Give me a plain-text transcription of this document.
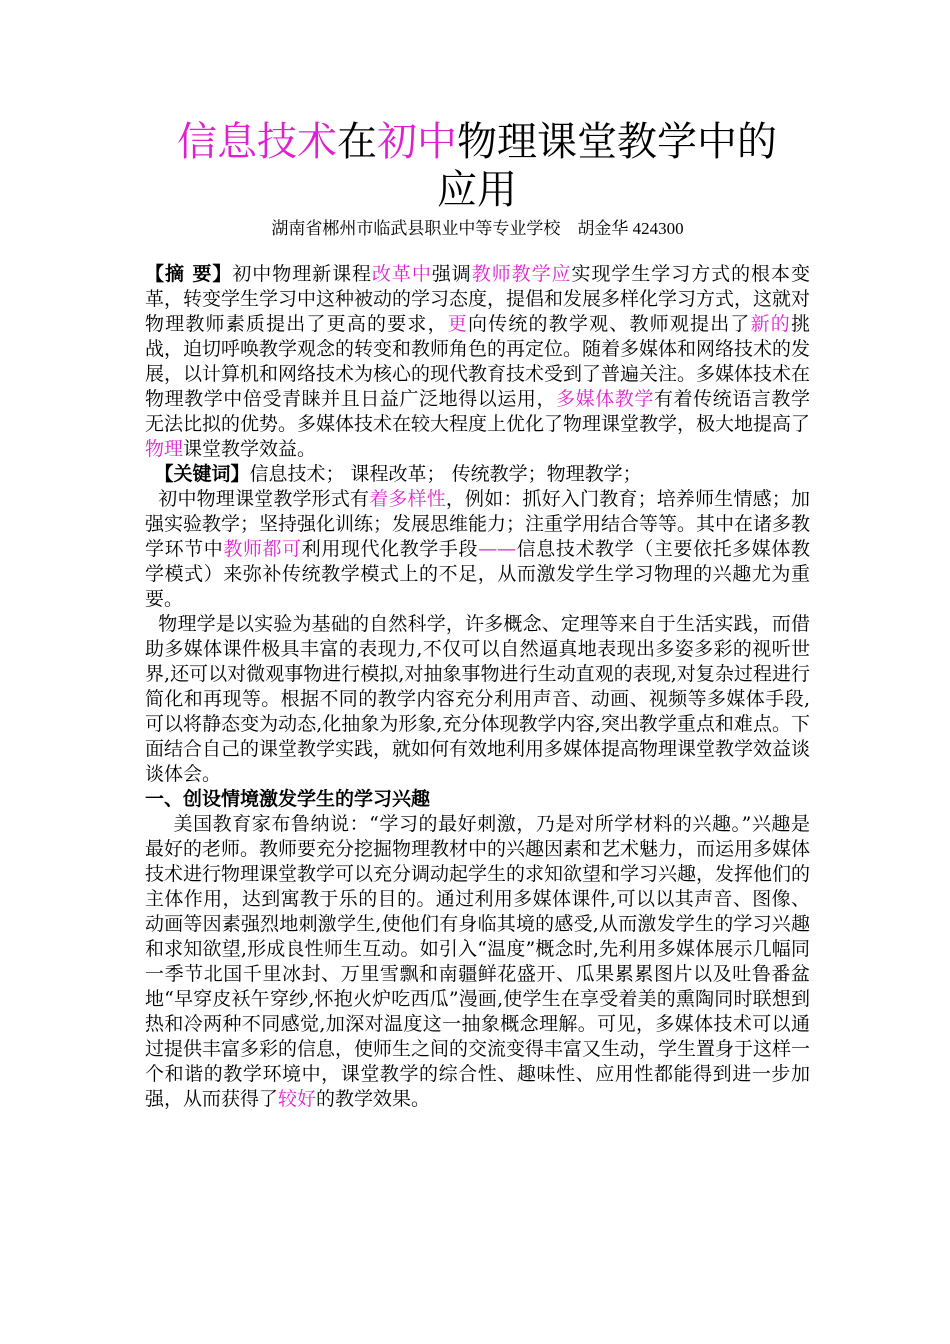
信息技术在初中物理课堂教学中的应用
湖南省郴州市临武县职业中等专业学校　胡金华 424300

【摘 要】初中物理新课程改革中强调教师教学应实现学生学习方式的根本变革，转变学生学习中这种被动的学习态度，提倡和发展多样化学习方式，这就对物理教师素质提出了更高的要求，更向传统的教学观、教师观提出了新的挑战，迫切呼唤教学观念的转变和教师角色的再定位。随着多媒体和网络技术的发展，以计算机和网络技术为核心的现代教育技术受到了普遍关注。多媒体技术在物理教学中倍受青睐并且日益广泛地得以运用，多媒体教学有着传统语言教学无法比拟的优势。多媒体技术在较大程度上优化了物理课堂教学，极大地提高了物理课堂教学效益。

【关键词】信息技术； 课程改革； 传统教学；物理教学；

初中物理课堂教学形式有着多样性，例如：抓好入门教育；培养师生情感；加强实验教学；坚持强化训练；发展思维能力；注重学用结合等等。其中在诸多教学环节中教师都可利用现代化教学手段——信息技术教学（主要依托多媒体教学模式）来弥补传统教学模式上的不足，从而激发学生学习物理的兴趣尤为重要。

物理学是以实验为基础的自然科学，许多概念、定理等来自于生活实践，而借助多媒体课件极具丰富的表现力,不仅可以自然逼真地表现出多姿多彩的视听世界,还可以对微观事物进行模拟,对抽象事物进行生动直观的表现,对复杂过程进行简化和再现等。根据不同的教学内容充分利用声音、动画、视频等多媒体手段,可以将静态变为动态,化抽象为形象,充分体现教学内容,突出教学重点和难点。下面结合自己的课堂教学实践，就如何有效地利用多媒体提高物理课堂教学效益谈谈体会。

一、创设情境激发学生的学习兴趣

美国教育家布鲁纳说：“学习的最好刺激，乃是对所学材料的兴趣。”兴趣是最好的老师。教师要充分挖掘物理教材中的兴趣因素和艺术魅力，而运用多媒体技术进行物理课堂教学可以充分调动起学生的求知欲望和学习兴趣，发挥他们的主体作用，达到寓教于乐的目的。通过利用多媒体课件,可以以其声音、图像、动画等因素强烈地刺激学生,使他们有身临其境的感受,从而激发学生的学习兴趣和求知欲望,形成良性师生互动。如引入“温度”概念时,先利用多媒体展示几幅同一季节北国千里冰封、万里雪飘和南疆鲜花盛开、瓜果累累图片以及吐鲁番盆地“早穿皮袄午穿纱,怀抱火炉吃西瓜”漫画,使学生在享受着美的熏陶同时联想到热和冷两种不同感觉,加深对温度这一抽象概念理解。可见，多媒体技术可以通过提供丰富多彩的信息，使师生之间的交流变得丰富又生动，学生置身于这样一个和谐的教学环境中，课堂教学的综合性、趣味性、应用性都能得到进一步加强，从而获得了较好的教学效果。
